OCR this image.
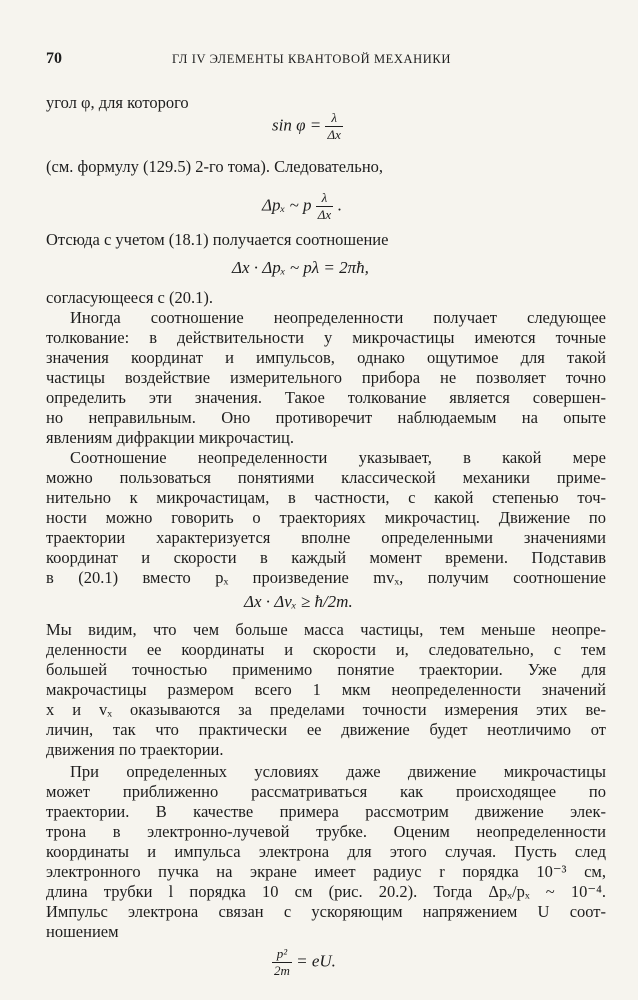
70	ГЛ IV ЭЛЕМЕНТЫ КВАНТОВОЙ МЕХАНИКИ
угол φ, для которого
$\sin \varphi = \frac{\lambda}{\Delta x}$
(см. формулу (129.5) 2-го тома). Следовательно,
Δpₓ ~ p $\frac{\lambda}{\Delta x}$ .
Отсюда с учетом (18.1) получается соотношение
Δx · Δpₓ ~ pλ = 2πħ,
согласующееся с (20.1).
Иногда соотношение неопределенности получает следующее
толкование: в действительности у микрочастицы имеются точные
значения координат и импульсов, однако ощутимое для такой
частицы воздействие измерительного прибора не позволяет точно
определить эти значения. Такое толкование является совершен-
но неправильным. Оно противоречит наблюдаемым на опыте
явлениям дифракции микрочастиц.
Соотношение неопределенности указывает, в какой мере
можно пользоваться понятиями классической механики приме-
нительно к микрочастицам, в частности, с какой степенью точ-
ности можно говорить о траекториях микрочастиц. Движение по
траектории характеризуется вполне определенными значениями
координат и скорости в каждый момент времени. Подставив
в (20.1) вместо pₓ произведение mvₓ, получим соотношение
Δx · Δvₓ ≥ ħ/2m.
Мы видим, что чем больше масса частицы, тем меньше неопре-
деленности ее координаты и скорости и, следовательно, с тем
большей точностью применимо понятие траектории. Уже для
макрочастицы размером всего 1 мкм неопределенности значений
x и vₓ оказываются за пределами точности измерения этих ве-
личин, так что практически ее движение будет неотличимо от
движения по траектории.
При определенных условиях даже движение микрочастицы
может приближенно рассматриваться как происходящее по
траектории. В качестве примера рассмотрим движение элек-
трона в электронно-лучевой трубке. Оценим неопределенности
координаты и импульса электрона для этого случая. Пусть след
электронного пучка на экране имеет радиус r порядка 10⁻³ см,
длина трубки l порядка 10 см (рис. 20.2). Тогда Δpₓ/pₓ ~ 10⁻⁴.
Импульс электрона связан с ускоряющим напряжением U соот-
ношением
$\frac{\text{p²}}{2m}$ = eU.
